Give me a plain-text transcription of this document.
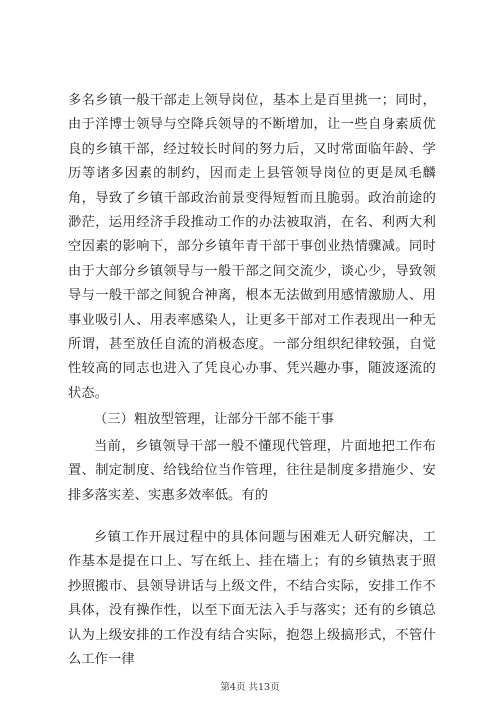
多名乡镇一般干部走上领导岗位，基本上是百里挑一；同时，由于洋博士领导与空降兵领导的不断增加，让一些自身素质优良的乡镇干部，经过较长时间的努力后，又时常面临年龄、学历等诸多因素的制约，因而走上县管领导岗位的更是凤毛麟角，导致了乡镇干部政治前景变得短暂而且脆弱。政治前途的渺茫，运用经济手段推动工作的办法被取消，在名、利两大利空因素的影响下，部分乡镇年青干部干事创业热情骤减。同时由于大部分乡镇领导与一般干部之间交流少，谈心少，导致领导与一般干部之间貌合神离，根本无法做到用感情激励人、用事业吸引人、用表率感染人，让更多干部对工作表现出一种无所谓，甚至放任自流的消极态度。一部分组织纪律较强，自觉性较高的同志也进入了凭良心办事、凭兴趣办事，随波逐流的状态。

（三）粗放型管理，让部分干部不能干事

当前，乡镇领导干部一般不懂现代管理，片面地把工作布置、制定制度、给钱给位当作管理，往往是制度多措施少、安排多落实差、实惠多效率低。有的

乡镇工作开展过程中的具体问题与困难无人研究解决，工作基本是提在口上、写在纸上、挂在墙上；有的乡镇热衷于照抄照搬市、县领导讲话与上级文件，不结合实际，安排工作不具体，没有操作性，以至下面无法入手与落实；还有的乡镇总认为上级安排的工作没有结合实际，抱怨上级搞形式，不管什么工作一律

第4页 共13页
